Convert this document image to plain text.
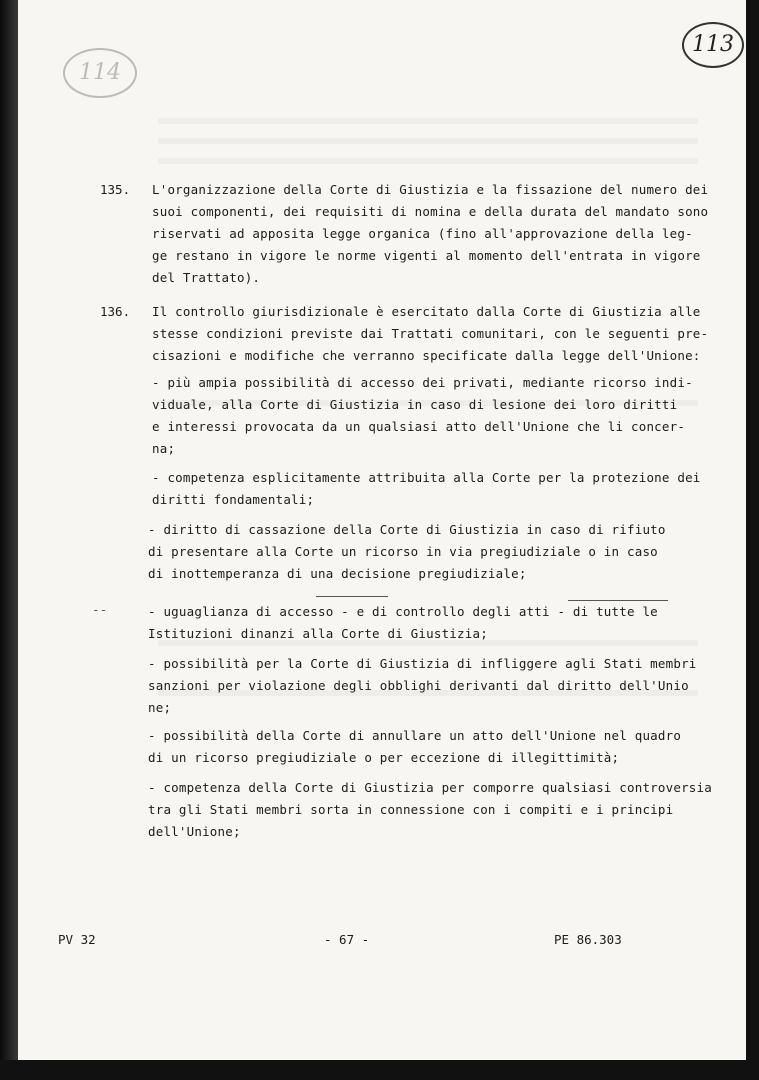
114
113
135. L'organizzazione della Corte di Giustizia e la fissazione del numero dei
suoi componenti, dei requisiti di nomina e della durata del mandato sono
riservati ad apposita legge organica (fino all'approvazione della leg-
ge restano in vigore le norme vigenti al momento dell'entrata in vigore
del Trattato).
136. Il controllo giurisdizionale è esercitato dalla Corte di Giustizia alle
stesse condizioni previste dai Trattati comunitari, con le seguenti pre-
cisazioni e modifiche che verranno specificate dalla legge dell'Unione:
- più ampia possibilità di accesso dei privati, mediante ricorso indi-
viduale, alla Corte di Giustizia in caso di lesione dei loro diritti
e interessi provocata da un qualsiasi atto dell'Unione che li concer-
na;
- competenza esplicitamente attribuita alla Corte per la protezione dei
diritti fondamentali;
- diritto di cassazione della Corte di Giustizia in caso di rifiuto
di presentare alla Corte un ricorso in via pregiudiziale o in caso
di inottemperanza di una decisione pregiudiziale;
--	- uguaglianza di accesso - e di controllo degli atti - di tutte le
Istituzioni dinanzi alla Corte di Giustizia;
- possibilità per la Corte di Giustizia di infliggere agli Stati membri
sanzioni per violazione degli obblighi derivanti dal diritto dell'Unio
ne;
- possibilità della Corte di annullare un atto dell'Unione nel quadro
di un ricorso pregiudiziale o per eccezione di illegittimità;
- competenza della Corte di Giustizia per comporre qualsiasi controversia
tra gli Stati membri sorta in connessione con i compiti e i principi
dell'Unione;
PV 32	- 67 -	PE 86.303
